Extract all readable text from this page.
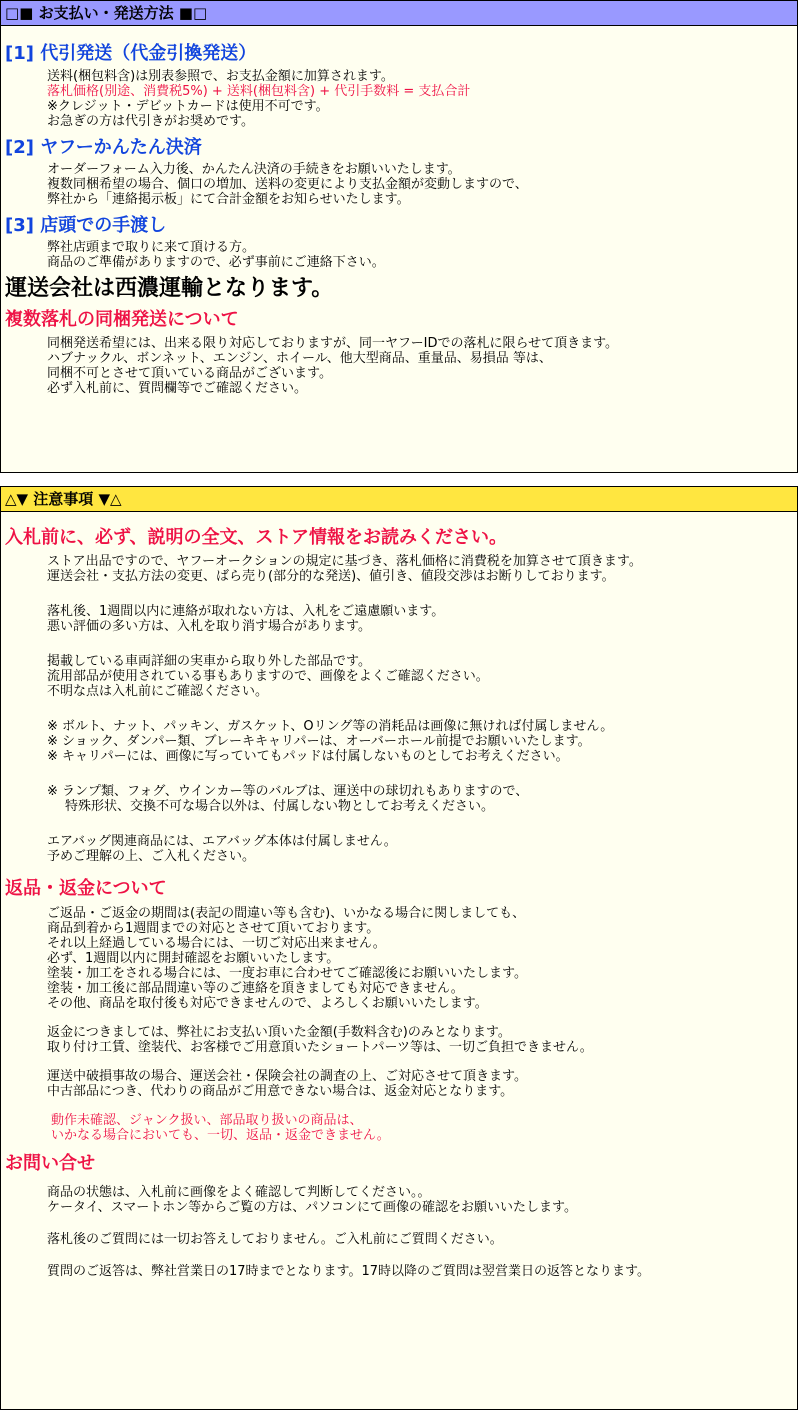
□■ お支払い・発送方法 ■□
[1] 代引発送（代金引換発送）

送料(梱包料含)は別表参照で、お支払金額に加算されます。

落札価格(別途、消費税5%) + 送料(梱包料含) + 代引手数料 = 支払合計

※クレジット・デビットカードは使用不可です。

お急ぎの方は代引きがお奨めです。

[2] ヤフーかんたん決済

オーダーフォーム入力後、かんたん決済の手続きをお願いいたします。

複数同梱希望の場合、個口の増加、送料の変更により支払金額が変動しますので、

弊社から「連絡掲示板」にて合計金額をお知らせいたします。

[3] 店頭での手渡し

弊社店頭まで取りに来て頂ける方。

商品のご準備がありますので、必ず事前にご連絡下さい。

運送会社は西濃運輸となります。
複数落札の同梱発送について

同梱発送希望には、出来る限り対応しておりますが、同一ヤフーIDでの落札に限らせて頂きます。

ハブナックル、ボンネット、エンジン、ホイール、他大型商品、重量品、易損品 等は、

同梱不可とさせて頂いている商品がございます。

必ず入札前に、質問欄等でご確認ください。

△▼ 注意事項 ▼△
入札前に、必ず、説明の全文、ストア情報をお読みください。

ストア出品ですので、ヤフーオークションの規定に基づき、落札価格に消費税を加算させて頂きます。

運送会社・支払方法の変更、ばら売り(部分的な発送)、値引き、値段交渉はお断りしております。

落札後、1週間以内に連絡が取れない方は、入札をご遠慮願います。

悪い評価の多い方は、入札を取り消す場合があります。

掲載している車両詳細の実車から取り外した部品です。

流用部品が使用されている事もありますので、画像をよくご確認ください。

不明な点は入札前にご確認ください。

※ ボルト、ナット、パッキン、ガスケット、Oリング等の消耗品は画像に無ければ付属しません。

※ ショック、ダンパー類、ブレーキキャリパーは、オーバーホール前提でお願いいたします。

※ キャリパーには、画像に写っていてもパッドは付属しないものとしてお考えください。

※ ランプ類、フォグ、ウインカー等のバルブは、運送中の球切れもありますので、

特殊形状、交換不可な場合以外は、付属しない物としてお考えください。

エアバッグ関連商品には、エアバッグ本体は付属しません。

予めご理解の上、ご入札ください。

返品・返金について

ご返品・ご返金の期間は(表記の間違い等も含む)、いかなる場合に関しましても、

商品到着から1週間までの対応とさせて頂いております。

それ以上経過している場合には、一切ご対応出来ません。

必ず、1週間以内に開封確認をお願いいたします。

塗装・加工をされる場合には、一度お車に合わせてご確認後にお願いいたします。

塗装・加工後に部品間違い等のご連絡を頂きましても対応できません。

その他、商品を取付後も対応できませんので、よろしくお願いいたします。

返金につきましては、弊社にお支払い頂いた金額(手数料含む)のみとなります。

取り付け工賃、塗装代、お客様でご用意頂いたショートパーツ等は、一切ご負担できません。

運送中破損事故の場合、運送会社・保険会社の調査の上、ご対応させて頂きます。

中古部品につき、代わりの商品がご用意できない場合は、返金対応となります。

動作未確認、ジャンク扱い、部品取り扱いの商品は、

いかなる場合においても、一切、返品・返金できません。

お問い合せ

商品の状態は、入札前に画像をよく確認して判断してください。。

ケータイ、スマートホン等からご覧の方は、パソコンにて画像の確認をお願いいたします。

落札後のご質問には一切お答えしておりません。ご入札前にご質問ください。

質問のご返答は、弊社営業日の17時までとなります。17時以降のご質問は翌営業日の返答となります。
